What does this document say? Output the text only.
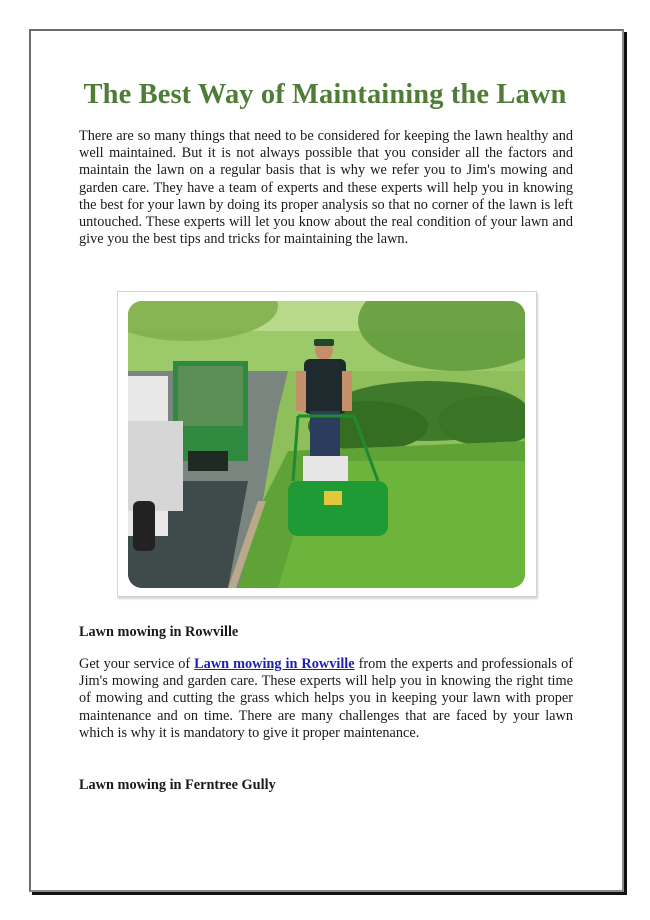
The Best Way of Maintaining the Lawn

There are so many things that need to be considered for keeping the lawn healthy and well maintained. But it is not always possible that you consider all the factors and maintain the lawn on a regular basis that is why we refer you to Jim's mowing and garden care. They have a team of experts and these experts will help you in knowing the best for your lawn by doing its proper analysis so that no corner of the lawn is left untouched. These experts will let you know about the real condition of your lawn and give you the best tips and tricks for maintaining the lawn.

Lawn mowing in Rowville

Get your service of Lawn mowing in Rowville from the experts and professionals of Jim's mowing and garden care. These experts will help you in knowing the right time of mowing and cutting the grass which helps you in keeping your lawn with proper maintenance and on time. There are many challenges that are faced by your lawn which is why it is mandatory to give it proper maintenance.

Lawn mowing in Ferntree Gully
